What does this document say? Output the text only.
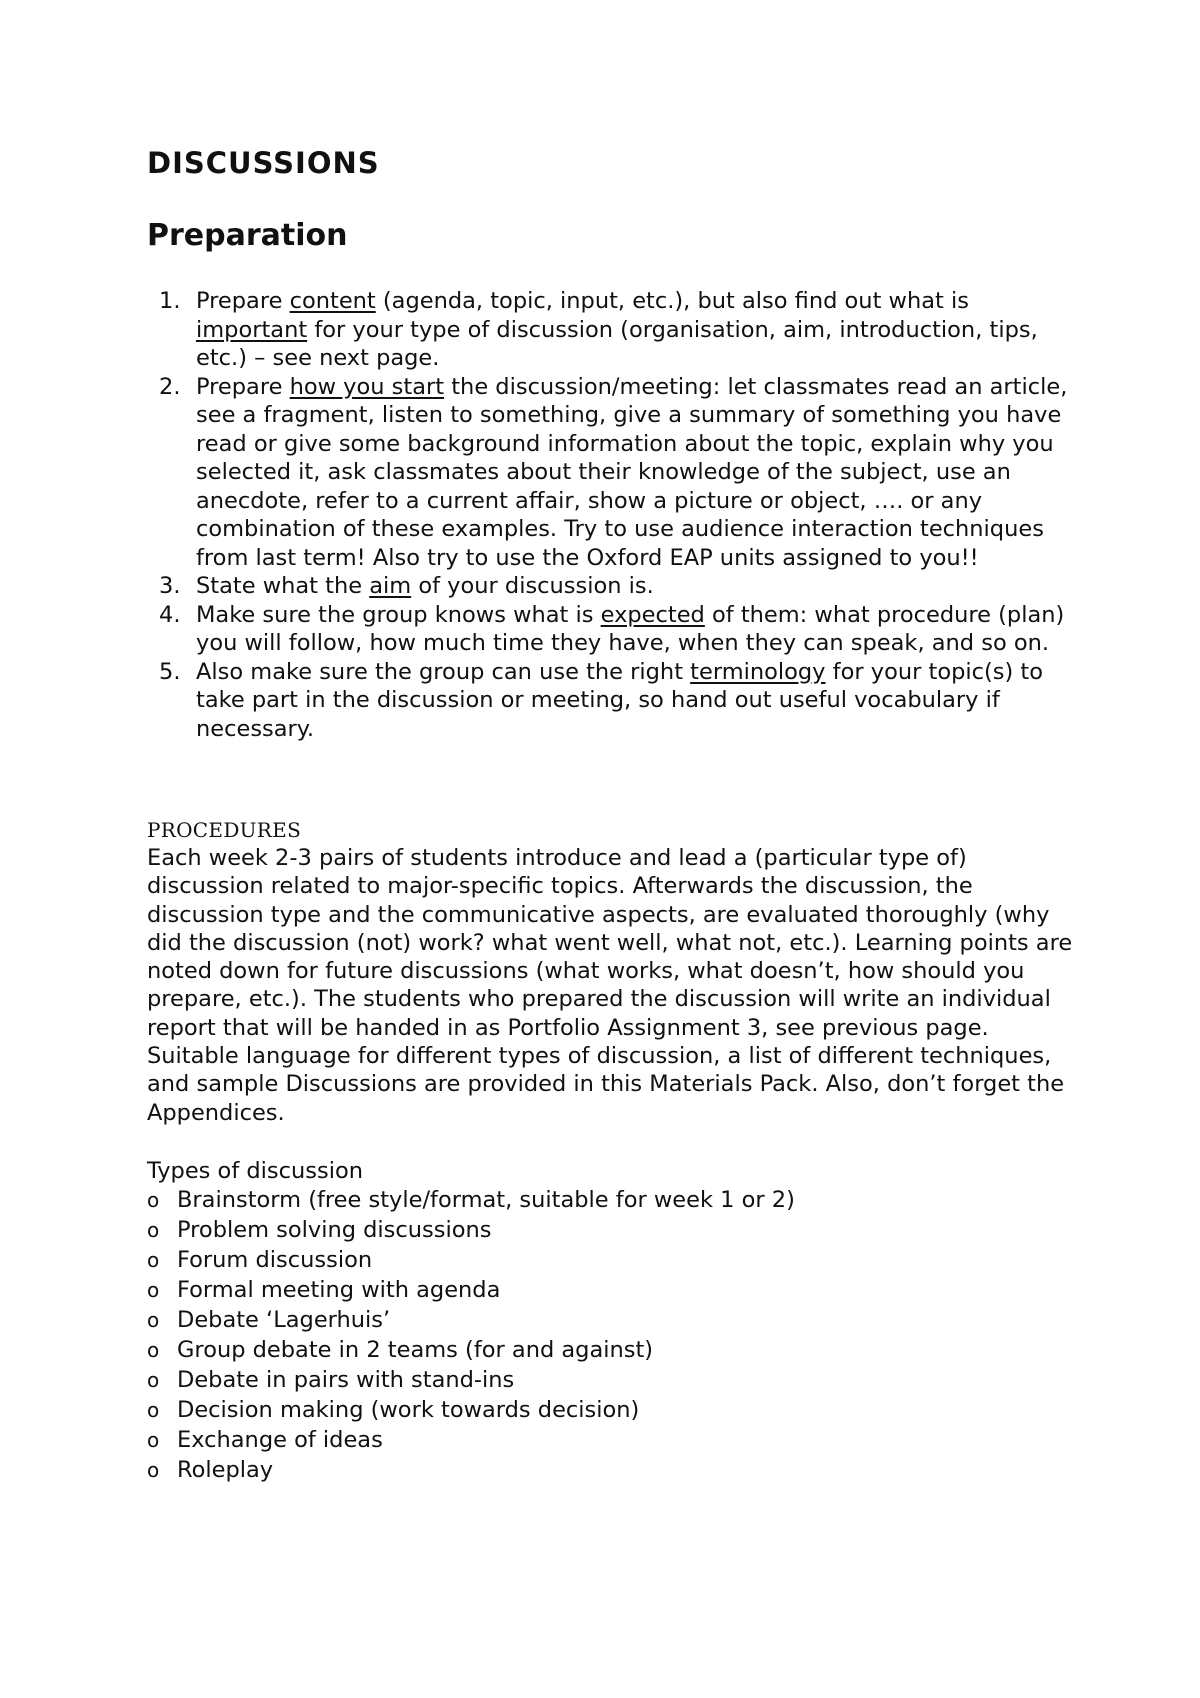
DISCUSSIONS
Preparation
1. Prepare content (agenda, topic, input, etc.), but also find out what is important for your type of discussion (organisation, aim, introduction, tips, etc.) – see next page.
2. Prepare how you start the discussion/meeting: let classmates read an article, see a fragment, listen to something, give a summary of something you have read or give some background information about the topic, explain why you selected it, ask classmates about their knowledge of the subject, use an anecdote, refer to a current affair, show a picture or object, …. or any combination of these examples. Try to use audience interaction techniques from last term! Also try to use the Oxford EAP units assigned to you!!
3. State what the aim of your discussion is.
4. Make sure the group knows what is expected of them: what procedure (plan) you will follow, how much time they have, when they can speak, and so on.
5. Also make sure the group can use the right terminology for your topic(s) to take part in the discussion or meeting, so hand out useful vocabulary if necessary.
PROCEDURES

Each week 2-3 pairs of students introduce and lead a (particular type of) discussion related to major-specific topics. Afterwards the discussion, the discussion type and the communicative aspects, are evaluated thoroughly (why did the discussion (not) work? what went well, what not, etc.). Learning points are noted down for future discussions (what works, what doesn’t, how should you prepare, etc.). The students who prepared the discussion will write an individual report that will be handed in as Portfolio Assignment 3, see previous page.

Suitable language for different types of discussion, a list of different techniques, and sample Discussions are provided in this Materials Pack. Also, don’t forget the Appendices.

Types of discussion
o Brainstorm (free style/format, suitable for week 1 or 2)
o Problem solving discussions
o Forum discussion
o Formal meeting with agenda
o Debate ‘Lagerhuis’
o Group debate in 2 teams (for and against)
o Debate in pairs with stand-ins
o Decision making (work towards decision)
o Exchange of ideas
o Roleplay
